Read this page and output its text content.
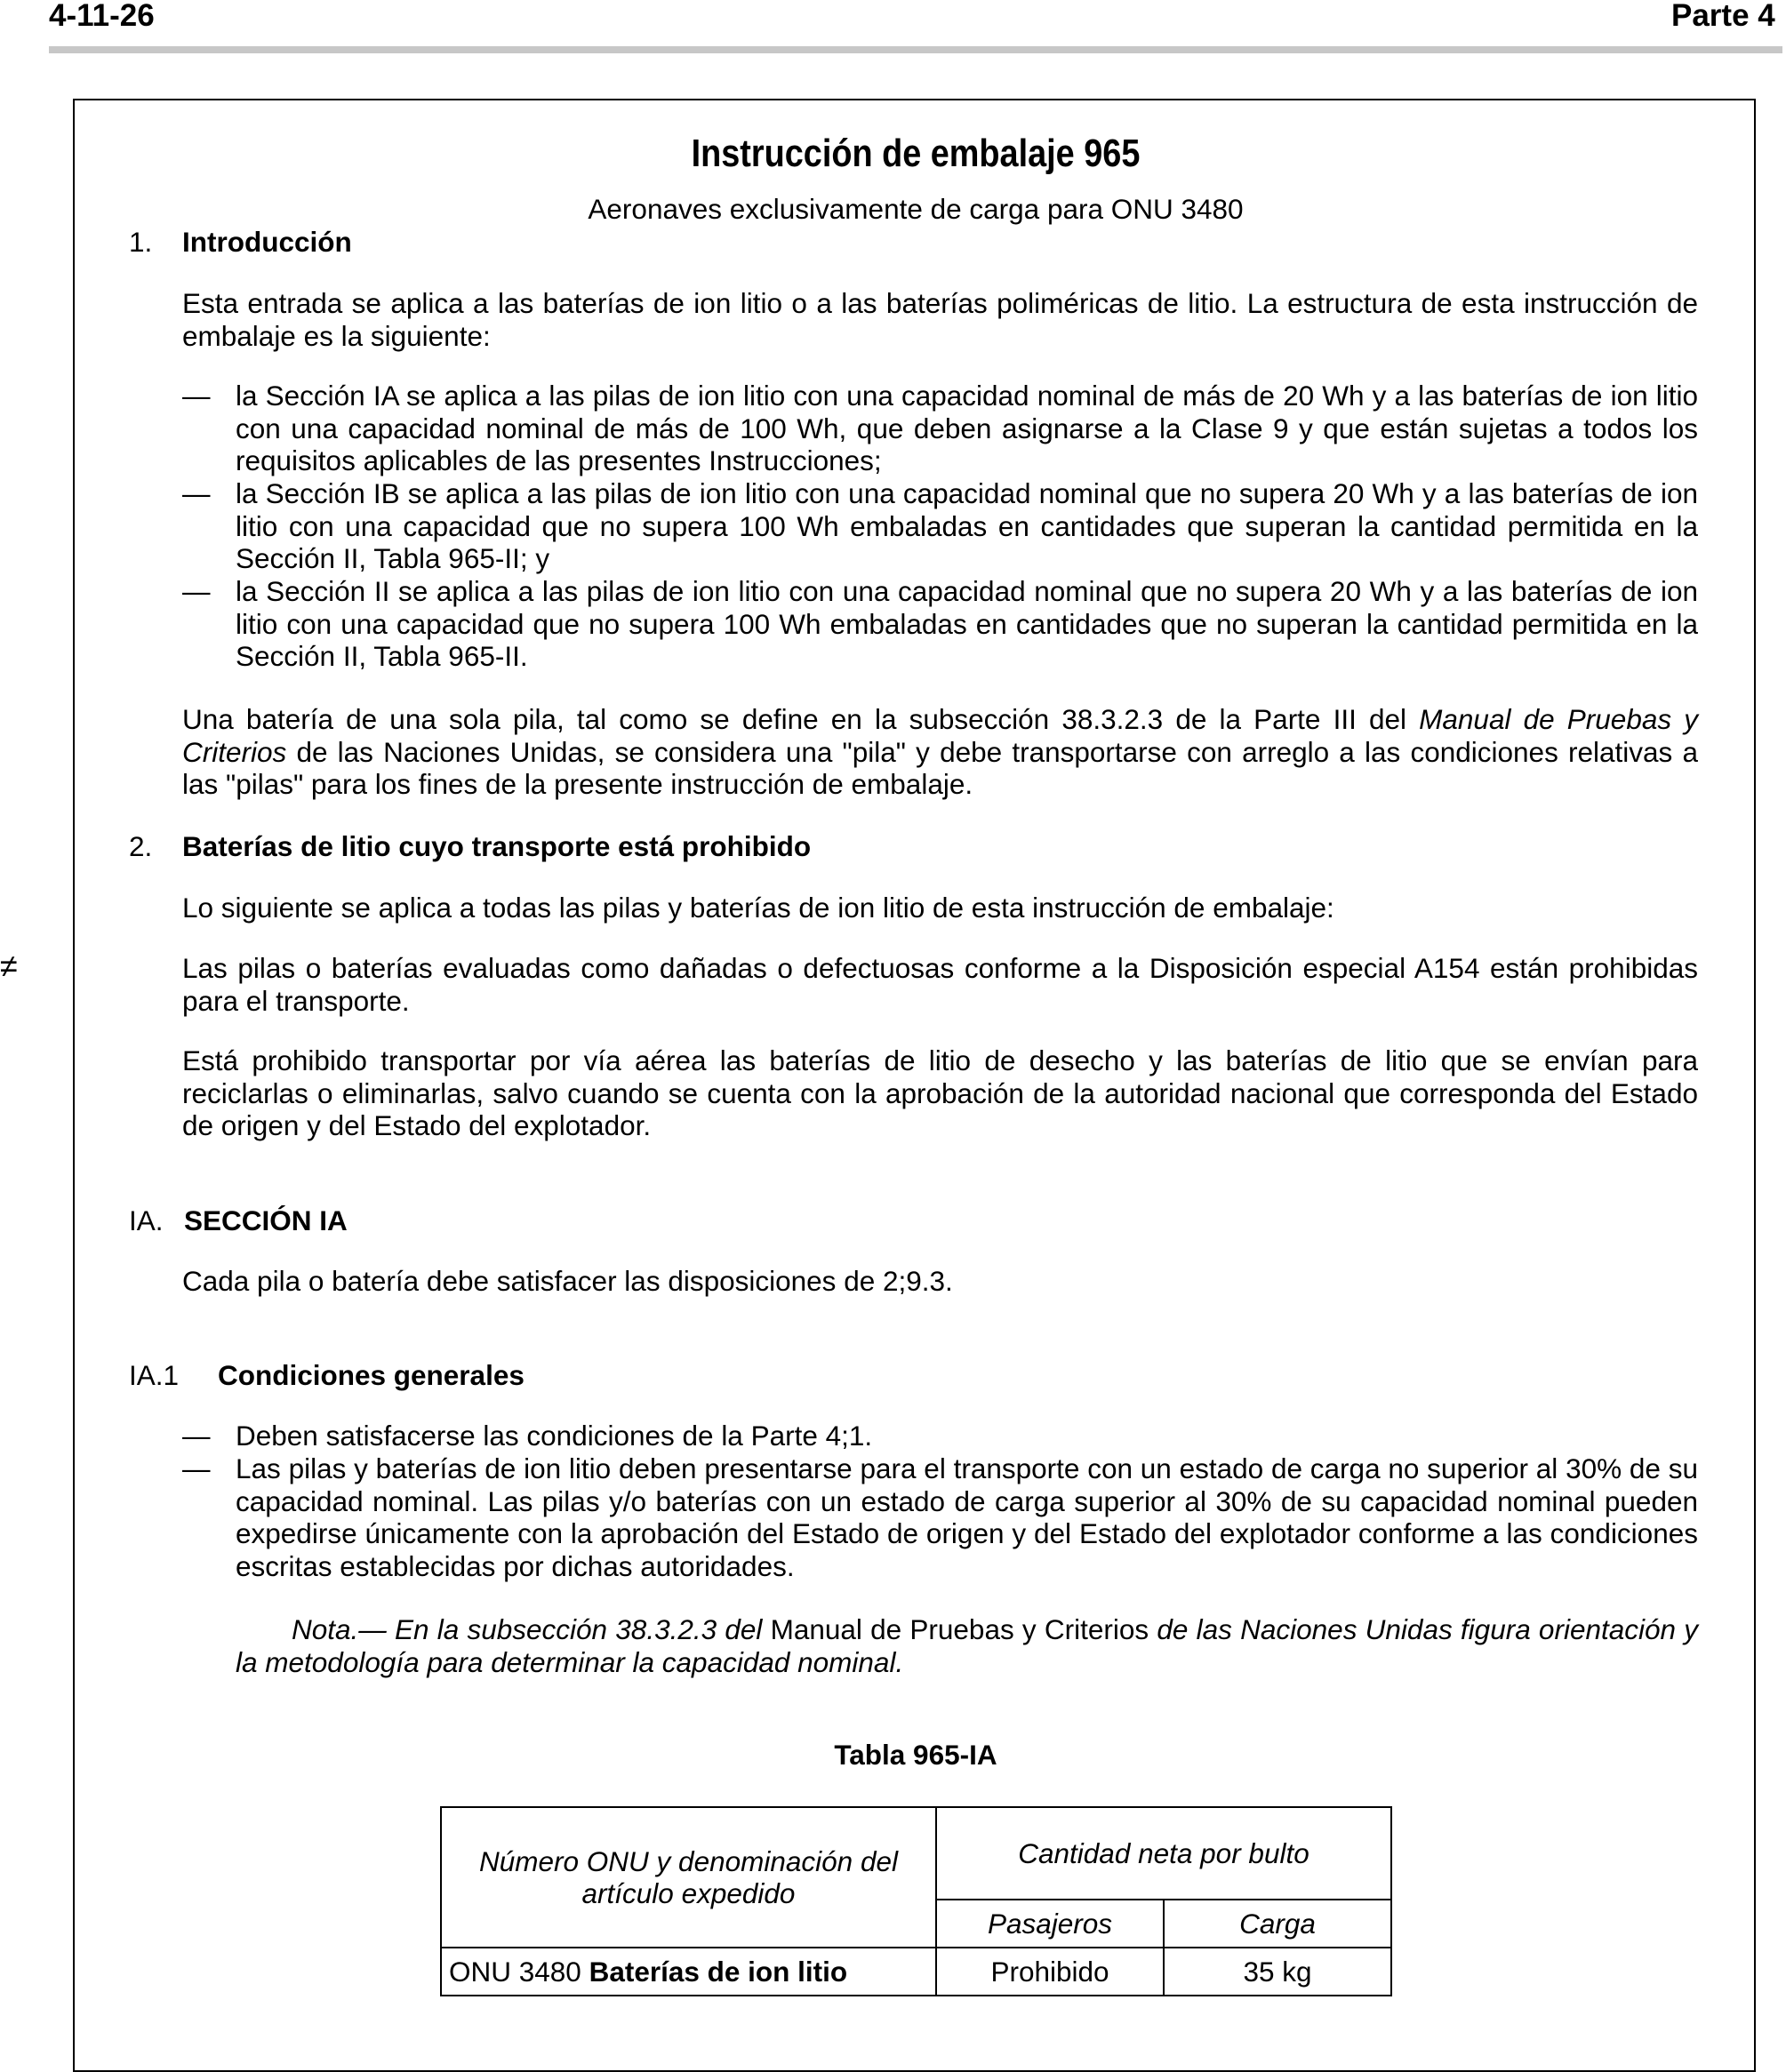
4-11-26	Parte 4
≠
Instrucción de embalaje 965
Aeronaves exclusivamente de carga para ONU 3480
1. Introducción

Esta entrada se aplica a las baterías de ion litio o a las baterías poliméricas de litio. La estructura de esta instrucción de embalaje es la siguiente:

— la Sección IA se aplica a las pilas de ion litio con una capacidad nominal de más de 20 Wh y a las baterías de ion litio con una capacidad nominal de más de 100 Wh, que deben asignarse a la Clase 9 y que están sujetas a todos los requisitos aplicables de las presentes Instrucciones;

— la Sección IB se aplica a las pilas de ion litio con una capacidad nominal que no supera 20 Wh y a las baterías de ion litio con una capacidad que no supera 100 Wh embaladas en cantidades que superan la cantidad permitida en la Sección II, Tabla 965-II; y

— la Sección II se aplica a las pilas de ion litio con una capacidad nominal que no supera 20 Wh y a las baterías de ion litio con una capacidad que no supera 100 Wh embaladas en cantidades que no superan la cantidad permitida en la Sección II, Tabla 965-II.

Una batería de una sola pila, tal como se define en la subsección 38.3.2.3 de la Parte III del Manual de Pruebas y Criterios de las Naciones Unidas, se considera una "pila" y debe transportarse con arreglo a las condiciones relativas a las "pilas" para los fines de la presente instrucción de embalaje.

2. Baterías de litio cuyo transporte está prohibido

Lo siguiente se aplica a todas las pilas y baterías de ion litio de esta instrucción de embalaje:

Las pilas o baterías evaluadas como dañadas o defectuosas conforme a la Disposición especial A154 están prohibidas para el transporte.

Está prohibido transportar por vía aérea las baterías de litio de desecho y las baterías de litio que se envían para reciclarlas o eliminarlas, salvo cuando se cuenta con la aprobación de la autoridad nacional que corresponda del Estado de origen y del Estado del explotador.

IA. SECCIÓN IA

Cada pila o batería debe satisfacer las disposiciones de 2;9.3.

IA.1 Condiciones generales
— Deben satisfacerse las condiciones de la Parte 4;1.

— Las pilas y baterías de ion litio deben presentarse para el transporte con un estado de carga no superior al 30% de su capacidad nominal. Las pilas y/o baterías con un estado de carga superior al 30% de su capacidad nominal pueden expedirse únicamente con la aprobación del Estado de origen y del Estado del explotador conforme a las condiciones escritas establecidas por dichas autoridades.

Nota.— En la subsección 38.3.2.3 del Manual de Pruebas y Criterios de las Naciones Unidas figura orientación y la metodología para determinar la capacidad nominal.

Tabla 965-IA
Número ONU y denominación del artículo expedido	Cantidad neta por bulto	
	Pasajeros	Carga
ONU 3480 Baterías de ion litio	Prohibido	35 kg
